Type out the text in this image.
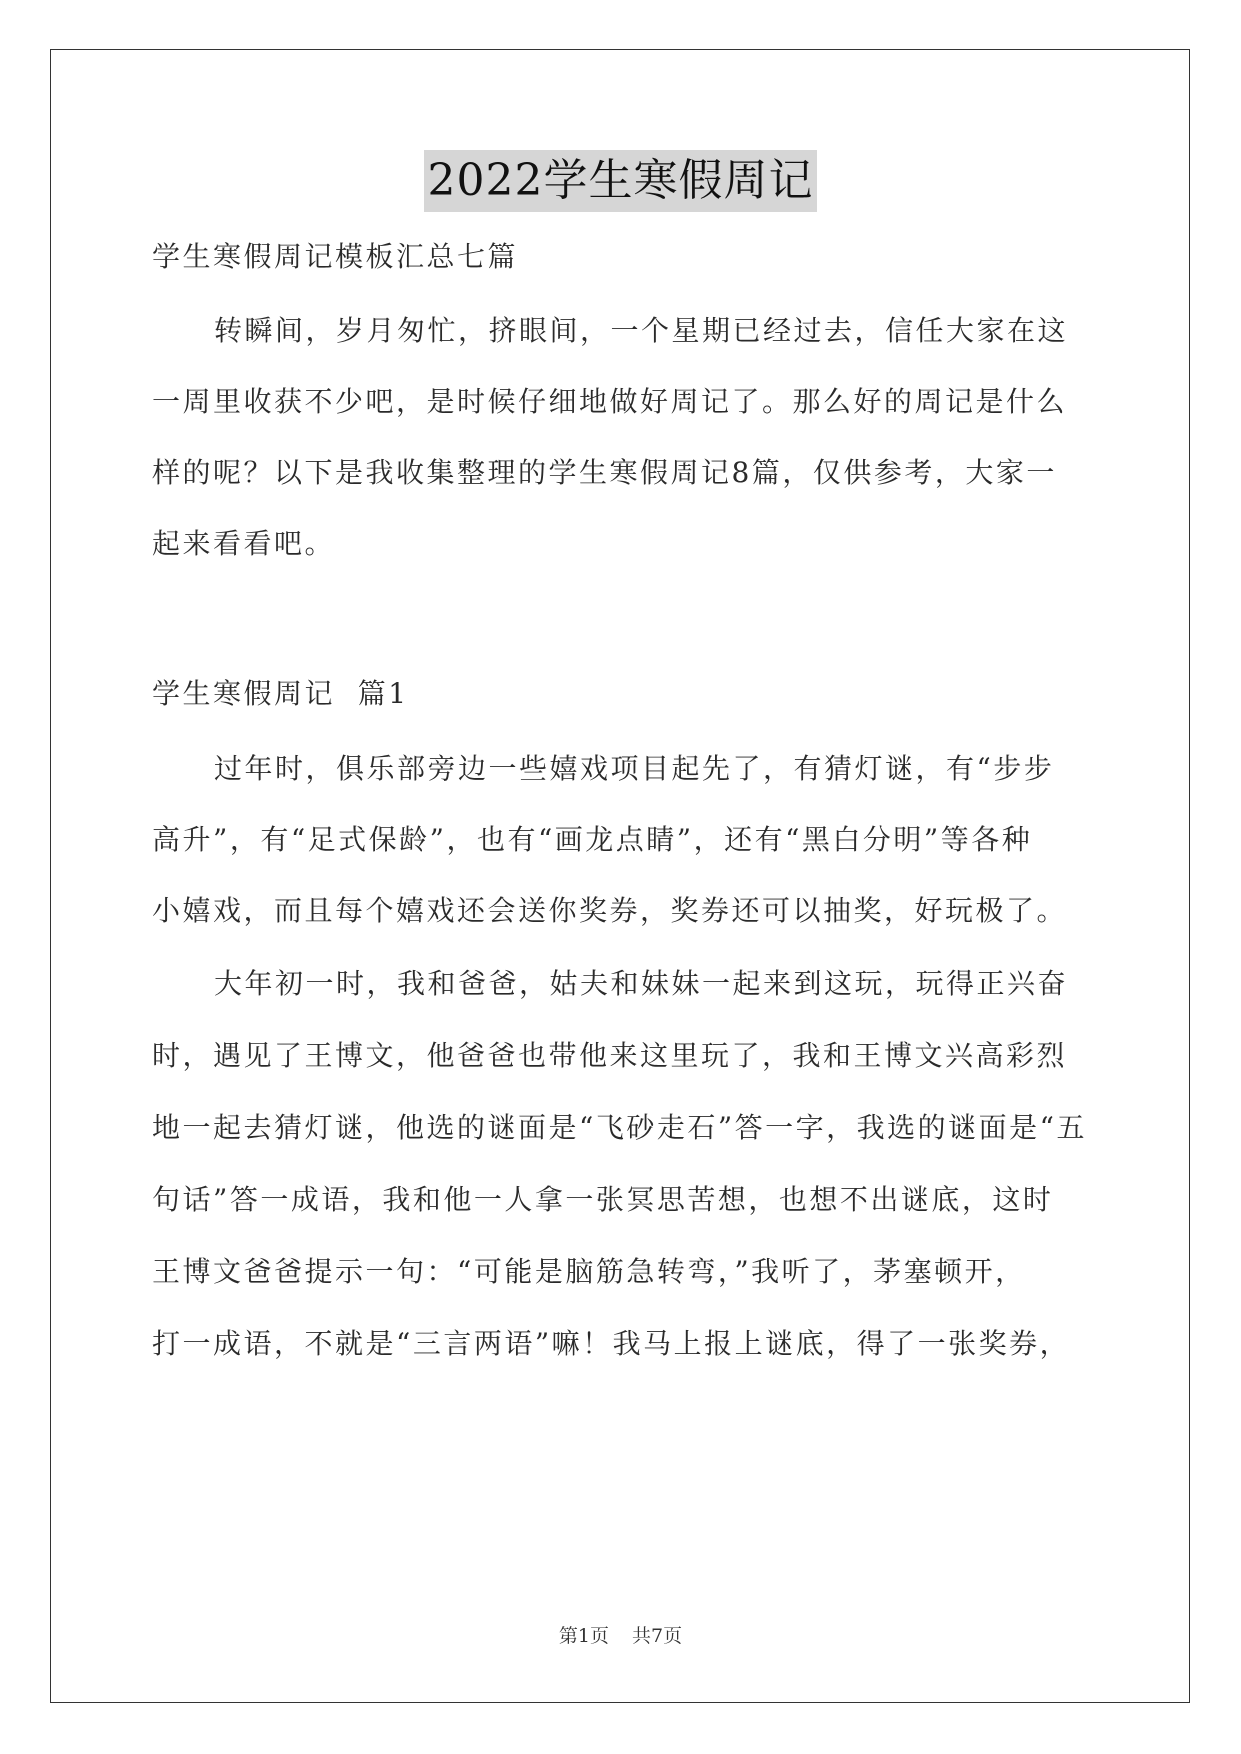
2022学生寒假周记
学生寒假周记模板汇总七篇
转瞬间，岁月匆忙，挤眼间，一个星期已经过去，信任大家在这
一周里收获不少吧，是时候仔细地做好周记了。那么好的周记是什么
样的呢？以下是我收集整理的学生寒假周记8篇，仅供参考，大家一
起来看看吧。
学生寒假周记  篇1
过年时，俱乐部旁边一些嬉戏项目起先了，有猜灯谜，有“步步
高升”，有“足式保龄”，也有“画龙点睛”，还有“黑白分明”等各种
小嬉戏，而且每个嬉戏还会送你奖券，奖券还可以抽奖，好玩极了。
大年初一时，我和爸爸，姑夫和妹妹一起来到这玩，玩得正兴奋
时，遇见了王博文，他爸爸也带他来这里玩了，我和王博文兴高彩烈
地一起去猜灯谜，他选的谜面是“飞砂走石”答一字，我选的谜面是“五
句话”答一成语，我和他一人拿一张冥思苦想，也想不出谜底，这时
王博文爸爸提示一句：“可能是脑筋急转弯，”我听了，茅塞顿开，
打一成语，不就是“三言两语”嘛！我马上报上谜底，得了一张奖券，
第1页 共7页
